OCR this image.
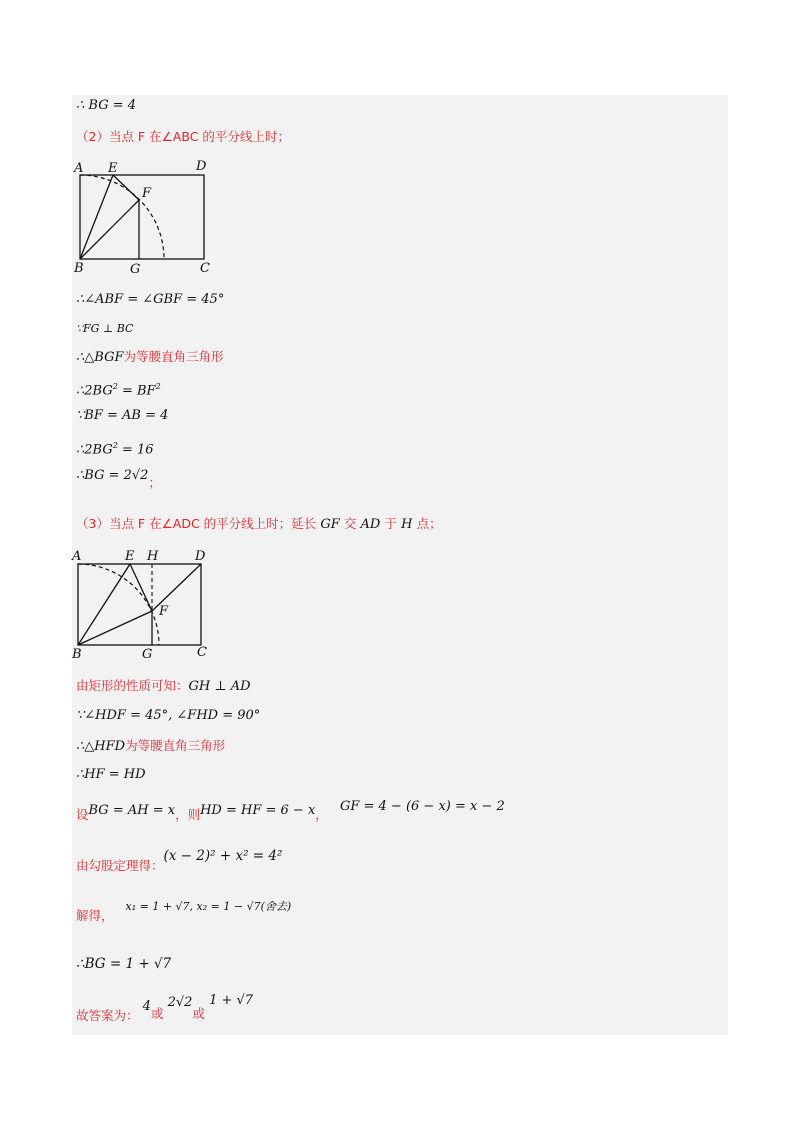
∴ BG = 4
（2）当点 F 在∠ABC 的平分线上时；
A E	D
F
B	G	C
∴∠ABF = ∠GBF = 45°
∵FG ⊥ BC
∴△BGF为等腰直角三角形
$\therefore 2BG^2 = BF^2$
∵BF = AB = 4
$\therefore 2BG^2 = 16$
∴BG = 2√2；
（3）当点 F 在∠ADC 的平分线上时；延长 GF 交 AD 于 H 点；
A	E H	D
F
B	G	C
由矩形的性质可知：GH ⊥ AD
∵∠HDF = 45°, ∠FHD = 90°
∴△HFD为等腰直角三角形
∴HF = HD
设BG = AH = x，则HD = HF = 6 − x， GF = 4 − (6 − x) = x − 2
由勾股定理得：(x − 2)² + x² = 4²
解得，x₁ = 1 + √7, x₂ = 1 − √7(舍去)
∴BG = 1 + √7
故答案为： 4或 2√2或 1 + √7
